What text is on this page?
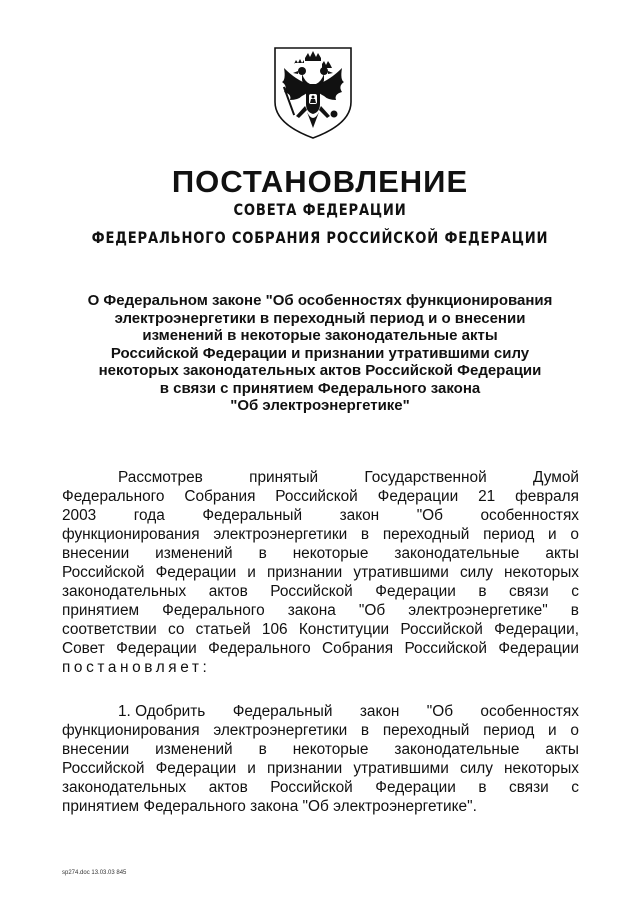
ПОСТАНОВЛЕНИЕ
СОВЕТА ФЕДЕРАЦИИ
ФЕДЕРАЛЬНОГО СОБРАНИЯ РОССИЙСКОЙ ФЕДЕРАЦИИ
О Федеральном законе "Об особенностях функционирования
электроэнергетики в переходный период и о внесении
изменений в некоторые законодательные акты
Российской Федерации и признании утратившими силу
некоторых законодательных актов Российской Федерации
в связи с принятием Федерального закона
"Об электроэнергетике"
Рассмотрев	принятый	Государственной	Думой
Федерального Собрания Российской Федерации 21 февраля
2003 года Федеральный закон "Об особенностях
функционирования электроэнергетики в переходный период и о
внесении изменений в некоторые законодательные акты
Российской Федерации и признании утратившими силу некоторых
законодательных актов Российской Федерации в связи с
принятием Федерального закона "Об электроэнергетике" в
соответствии со статьей 106 Конституции Российской Федерации,
Совет Федерации Федерального Собрания Российской Федерации
постановляет:
1. Одобрить Федеральный закон "Об особенностях
функционирования электроэнергетики в переходный период и о
внесении изменений в некоторые законодательные акты
Российской Федерации и признании утратившими силу некоторых
законодательных актов Российской Федерации в связи с
принятием Федерального закона "Об электроэнергетике".
sp274.doc 13.03.03 845
